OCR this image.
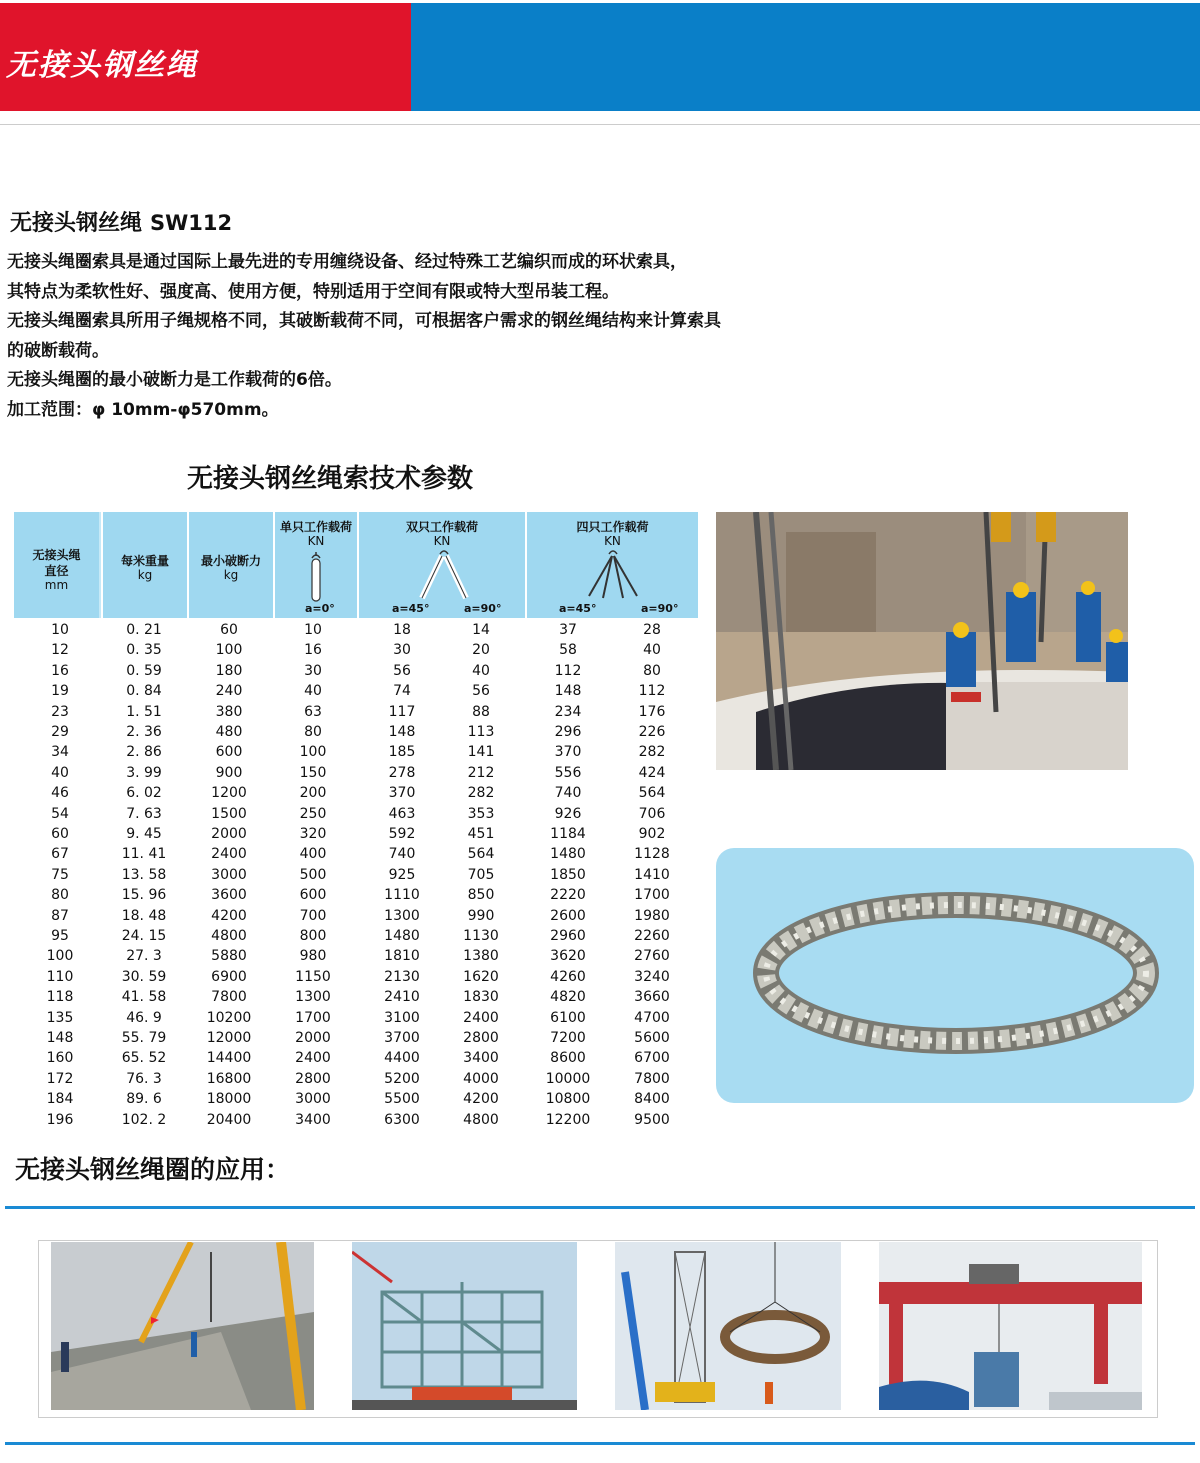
无接头钢丝绳
无接头钢丝绳 SW112

无接头绳圈索具是通过国际上最先进的专用缠绕设备、经过特殊工艺编织而成的环状索具，

其特点为柔软性好、强度高、使用方便，特别适用于空间有限或特大型吊装工程。

无接头绳圈索具所用子绳规格不同，其破断载荷不同，可根据客户需求的钢丝绳结构来计算索具

的破断载荷。

无接头绳圈的最小破断力是工作载荷的6倍。

加工范围：φ 10mm-φ570mm。

无接头钢丝绳索技术参数
无接头绳
直径
mm
每米重量
kg
最小破断力
kg
单只工作载荷
KN
a=0°
双只工作载荷
KN
a=45°	a=90°
四只工作载荷
KN
a=45°	a=90°
10	0. 21	60	10	18	14	37	28
12	0. 35	100	16	30	20	58	40
16	0. 59	180	30	56	40	112	80
19	0. 84	240	40	74	56	148	112
23	1. 51	380	63	117	88	234	176
29	2. 36	480	80	148	113	296	226
34	2. 86	600	100	185	141	370	282
40	3. 99	900	150	278	212	556	424
46	6. 02	1200	200	370	282	740	564
54	7. 63	1500	250	463	353	926	706
60	9. 45	2000	320	592	451	1184	902
67	11. 41	2400	400	740	564	1480	1128
75	13. 58	3000	500	925	705	1850	1410
80	15. 96	3600	600	1110	850	2220	1700
87	18. 48	4200	700	1300	990	2600	1980
95	24. 15	4800	800	1480	1130	2960	2260
100	27. 3	5880	980	1810	1380	3620	2760
110	30. 59	6900	1150	2130	1620	4260	3240
118	41. 58	7800	1300	2410	1830	4820	3660
135	46. 9	10200	1700	3100	2400	6100	4700
148	55. 79	12000	2000	3700	2800	7200	5600
160	65. 52	14400	2400	4400	3400	8600	6700
172	76. 3	16800	2800	5200	4000	10000	7800
184	89. 6	18000	3000	5500	4200	10800	8400
196	102. 2	20400	3400	6300	4800	12200	9500
无接头钢丝绳圈的应用：
